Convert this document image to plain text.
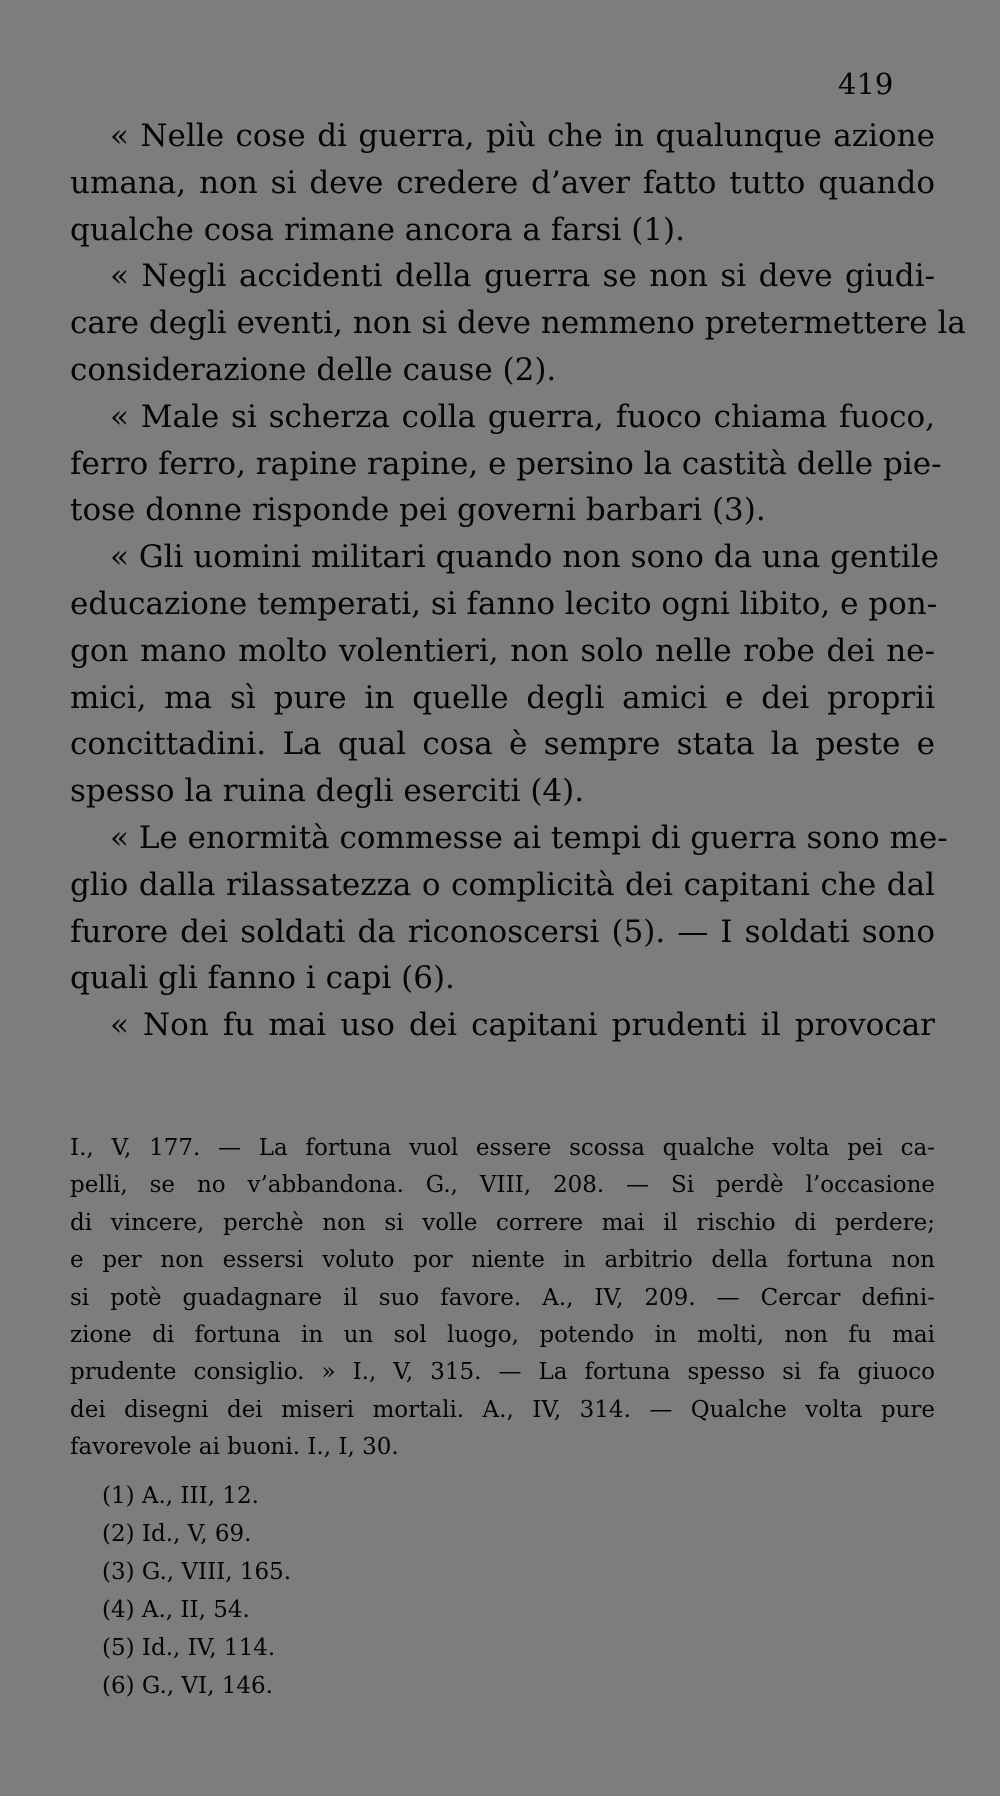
419
« Nelle cose di guerra, più che in qualunque azione
umana, non si deve credere d’aver fatto tutto quando
qualche cosa rimane ancora a farsi (1).
« Negli accidenti della guerra se non si deve giudi-
care degli eventi, non si deve nemmeno pretermettere la
considerazione delle cause (2).
« Male si scherza colla guerra, fuoco chiama fuoco,
ferro ferro, rapine rapine, e persino la castità delle pie-
tose donne risponde pei governi barbari (3).
« Gli uomini militari quando non sono da una gentile
educazione temperati, si fanno lecito ogni libito, e pon-
gon mano molto volentieri, non solo nelle robe dei ne-
mici, ma sì pure in quelle degli amici e dei proprii
concittadini. La qual cosa è sempre stata la peste e
spesso la ruina degli eserciti (4).
« Le enormità commesse ai tempi di guerra sono me-
glio dalla rilassatezza o complicità dei capitani che dal
furore dei soldati da riconoscersi (5). — I soldati sono
quali gli fanno i capi (6).
« Non fu mai uso dei capitani prudenti il provocar
I., V, 177. — La fortuna vuol essere scossa qualche volta pei ca-
pelli, se no v’abbandona. G., VIII, 208. — Si perdè l’occasione
di vincere, perchè non si volle correre mai il rischio di perdere;
e per non essersi voluto por niente in arbitrio della fortuna non
si potè guadagnare il suo favore. A., IV, 209. — Cercar defini-
zione di fortuna in un sol luogo, potendo in molti, non fu mai
prudente consiglio. » I., V, 315. — La fortuna spesso si fa giuoco
dei disegni dei miseri mortali. A., IV, 314. — Qualche volta pure
favorevole ai buoni. I., I, 30.
(1) A., III, 12.
(2) Id., V, 69.
(3) G., VIII, 165.
(4) A., II, 54.
(5) Id., IV, 114.
(6) G., VI, 146.
